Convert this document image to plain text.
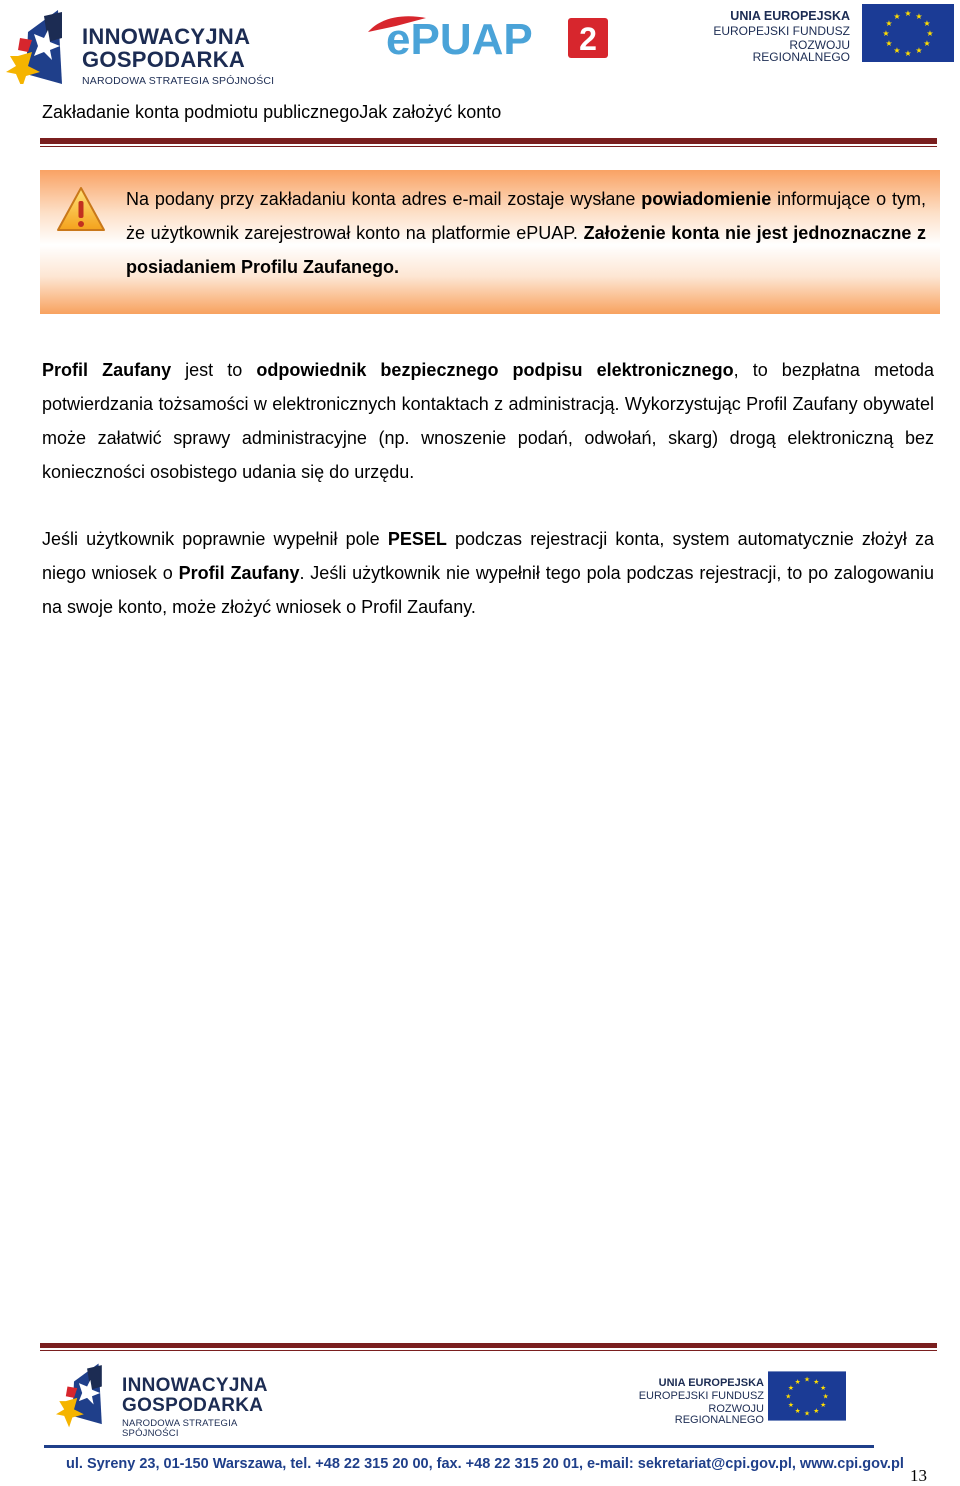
INNOWACYJNA
GOSPODARKA
NARODOWA STRATEGIA SPÓJNOŚCI
ePUAP 2
UNIA EUROPEJSKA
EUROPEJSKI FUNDUSZ
ROZWOJU REGIONALNEGO
★ ★
★
★
★
★
★
★
★
★
★
★
Zakładanie konta podmiotu publicznegoJak założyć konto
Na podany przy zakładaniu konta adres e-mail zostaje wysłane powiadomienie informujące o tym, że użytkownik zarejestrował konto na platformie ePUAP. Założenie konta nie jest jednoznaczne z posiadaniem Profilu Zaufanego.
Profil Zaufany jest to odpowiednik bezpiecznego podpisu elektronicznego, to bezpłatna metoda potwierdzania tożsamości w elektronicznych kontaktach z administracją. Wykorzystując Profil Zaufany obywatel może załatwić sprawy administracyjne (np. wnoszenie podań, odwołań, skarg) drogą elektroniczną bez konieczności osobistego udania się do urzędu.
Jeśli użytkownik poprawnie wypełnił pole PESEL podczas rejestracji konta, system automatycznie złożył za niego wniosek o Profil Zaufany. Jeśli użytkownik nie wypełnił tego pola podczas rejestracji, to po zalogowaniu na swoje konto, może złożyć wniosek o Profil Zaufany.
INNOWACYJNA
GOSPODARKA
NARODOWA STRATEGIA SPÓJNOŚCI
UNIA EUROPEJSKA
EUROPEJSKI FUNDUSZ
ROZWOJU REGIONALNEGO
★ ★
★
★
★
★
★
★
★
★
★
★
ul. Syreny 23, 01-150 Warszawa, tel. +48 22 315 20 00, fax. +48 22 315 20 01, e-mail: sekretariat@cpi.gov.pl, www.cpi.gov.pl
13
